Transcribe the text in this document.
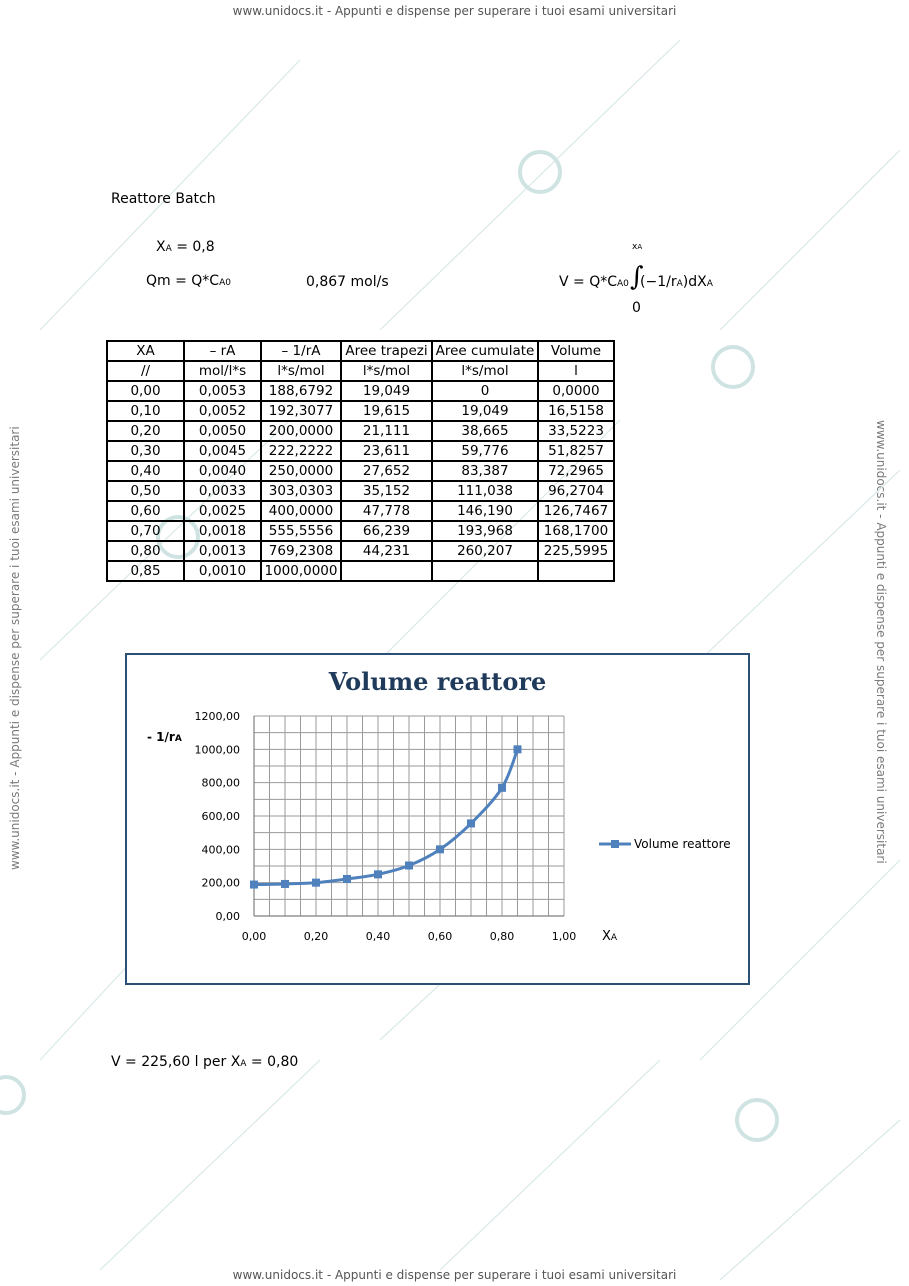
www.unidocs.it - Appunti e dispense per superare i tuoi esami universitari
www.unidocs.it - Appunti e dispense per superare i tuoi esami universitari
www.unidocs.it - Appunti e dispense per superare i tuoi esami universitari	www.unidocs.it - Appunti e dispense per superare i tuoi esami universitari
Reattore Batch
XA = 0,8
Qm = Q*CA0	0,867 mol/s
xA
V = Q*CA0 ∫
(−1/rA)dXA
0
XA	– rA	– 1/rA	Aree trapezi	Aree cumulate	Volume
//	mol/l*s	l*s/mol	l*s/mol	l*s/mol	l
0,00	0,0053	188,6792	19,049	0	0,0000
0,10	0,0052	192,3077	19,615	19,049	16,5158
0,20	0,0050	200,0000	21,111	38,665	33,5223
0,30	0,0045	222,2222	23,611	59,776	51,8257
0,40	0,0040	250,0000	27,652	83,387	72,2965
0,50	0,0033	303,0303	35,152	111,038	96,2704
0,60	0,0025	400,0000	47,778	146,190	126,7467
0,70	0,0018	555,5556	66,239	193,968	168,1700
0,80	0,0013	769,2308	44,231	260,207	225,5995
0,85	0,0010	1000,0000			
Volume reattore
0,00
200,00
400,00
600,00
800,00
1000,00
1200,00
0,00	0,20	0,40	0,60	0,80	1,00
- 1/rA
XA
Volume reattore
V = 225,60 l per XA = 0,80
